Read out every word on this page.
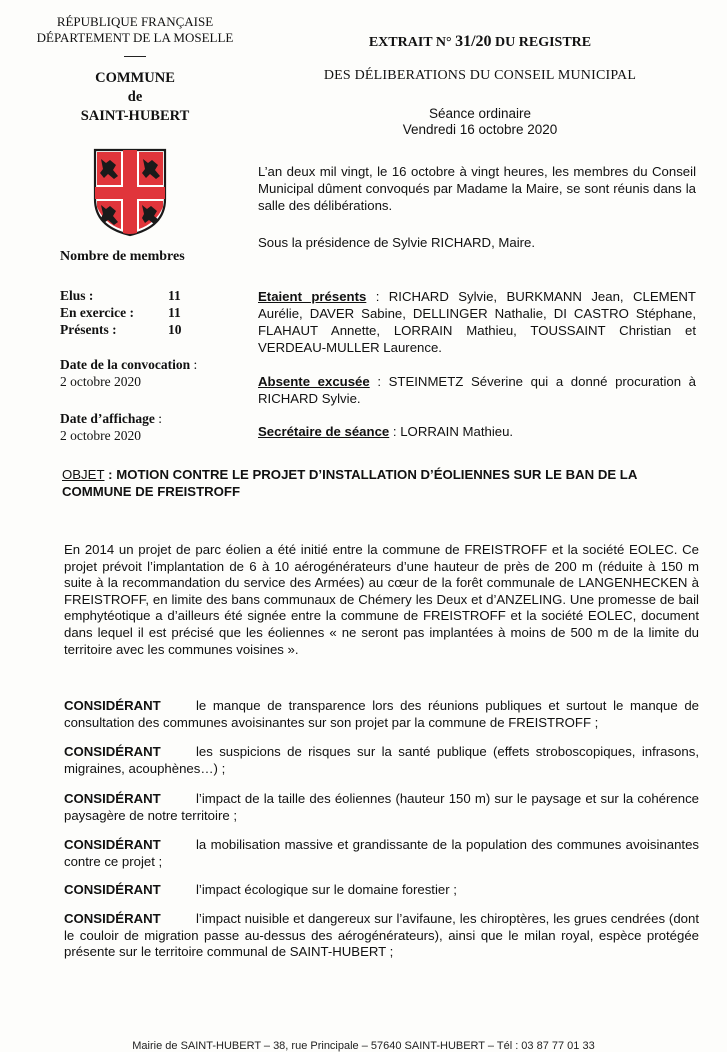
RÉPUBLIQUE FRANÇAISE
DÉPARTEMENT DE LA MOSELLE
COMMUNE
de
SAINT-HUBERT
Nombre de membres
Elus :	11
En exercice :	11
Présents :	10
Date de la convocation :
2 octobre 2020
Date d’affichage :
2 octobre 2020
EXTRAIT N° 31/20 DU REGISTRE
DES DÉLIBERATIONS DU CONSEIL MUNICIPAL
Séance ordinaire
Vendredi 16 octobre 2020
L’an deux mil vingt, le 16 octobre à vingt heures, les membres du Conseil Municipal dûment convoqués par Madame la Maire, se sont réunis dans la salle des délibérations.
Sous la présidence de Sylvie RICHARD, Maire.
Etaient présents : RICHARD Sylvie, BURKMANN Jean, CLEMENT Aurélie, DAVER Sabine, DELLINGER Nathalie, DI CASTRO Stéphane, FLAHAUT Annette, LORRAIN Mathieu, TOUSSAINT Christian et VERDEAU-MULLER Laurence.
Absente excusée : STEINMETZ Séverine qui a donné procuration à RICHARD Sylvie.
Secrétaire de séance : LORRAIN Mathieu.
OBJET : MOTION CONTRE LE PROJET D’INSTALLATION D’ÉOLIENNES SUR LE BAN DE LA COMMUNE DE FREISTROFF
En 2014 un projet de parc éolien a été initié entre la commune de FREISTROFF et la société EOLEC. Ce projet prévoit l’implantation de 6 à 10 aérogénérateurs d’une hauteur de près de 200 m (réduite à 150 m suite à la recommandation du service des Armées) au cœur de la forêt communale de LANGENHECKEN à FREISTROFF, en limite des bans communaux de Chémery les Deux et d’ANZELING. Une promesse de bail emphytéotique a d’ailleurs été signée entre la commune de FREISTROFF et la société EOLEC, document dans lequel il est précisé que les éoliennes « ne seront pas implantées à moins de 500 m de la limite du territoire avec les communes voisines ».
CONSIDÉRANT	le manque de transparence lors des réunions publiques et surtout le manque de consultation des communes avoisinantes sur son projet par la commune de FREISTROFF ;
CONSIDÉRANT	les suspicions de risques sur la santé publique (effets stroboscopiques, infrasons, migraines, acouphènes…) ;
CONSIDÉRANT	l’impact de la taille des éoliennes (hauteur 150 m) sur le paysage et sur la cohérence paysagère de notre territoire ;
CONSIDÉRANT	la mobilisation massive et grandissante de la population des communes avoisinantes contre ce projet ;
CONSIDÉRANT	l’impact écologique sur le domaine forestier ;
CONSIDÉRANT	l’impact nuisible et dangereux sur l’avifaune, les chiroptères, les grues cendrées (dont le couloir de migration passe au-dessus des aérogénérateurs), ainsi que le milan royal, espèce protégée présente sur le territoire communal de SAINT-HUBERT ;
Mairie de SAINT-HUBERT – 38, rue Principale – 57640 SAINT-HUBERT – Tél : 03 87 77 01 33
